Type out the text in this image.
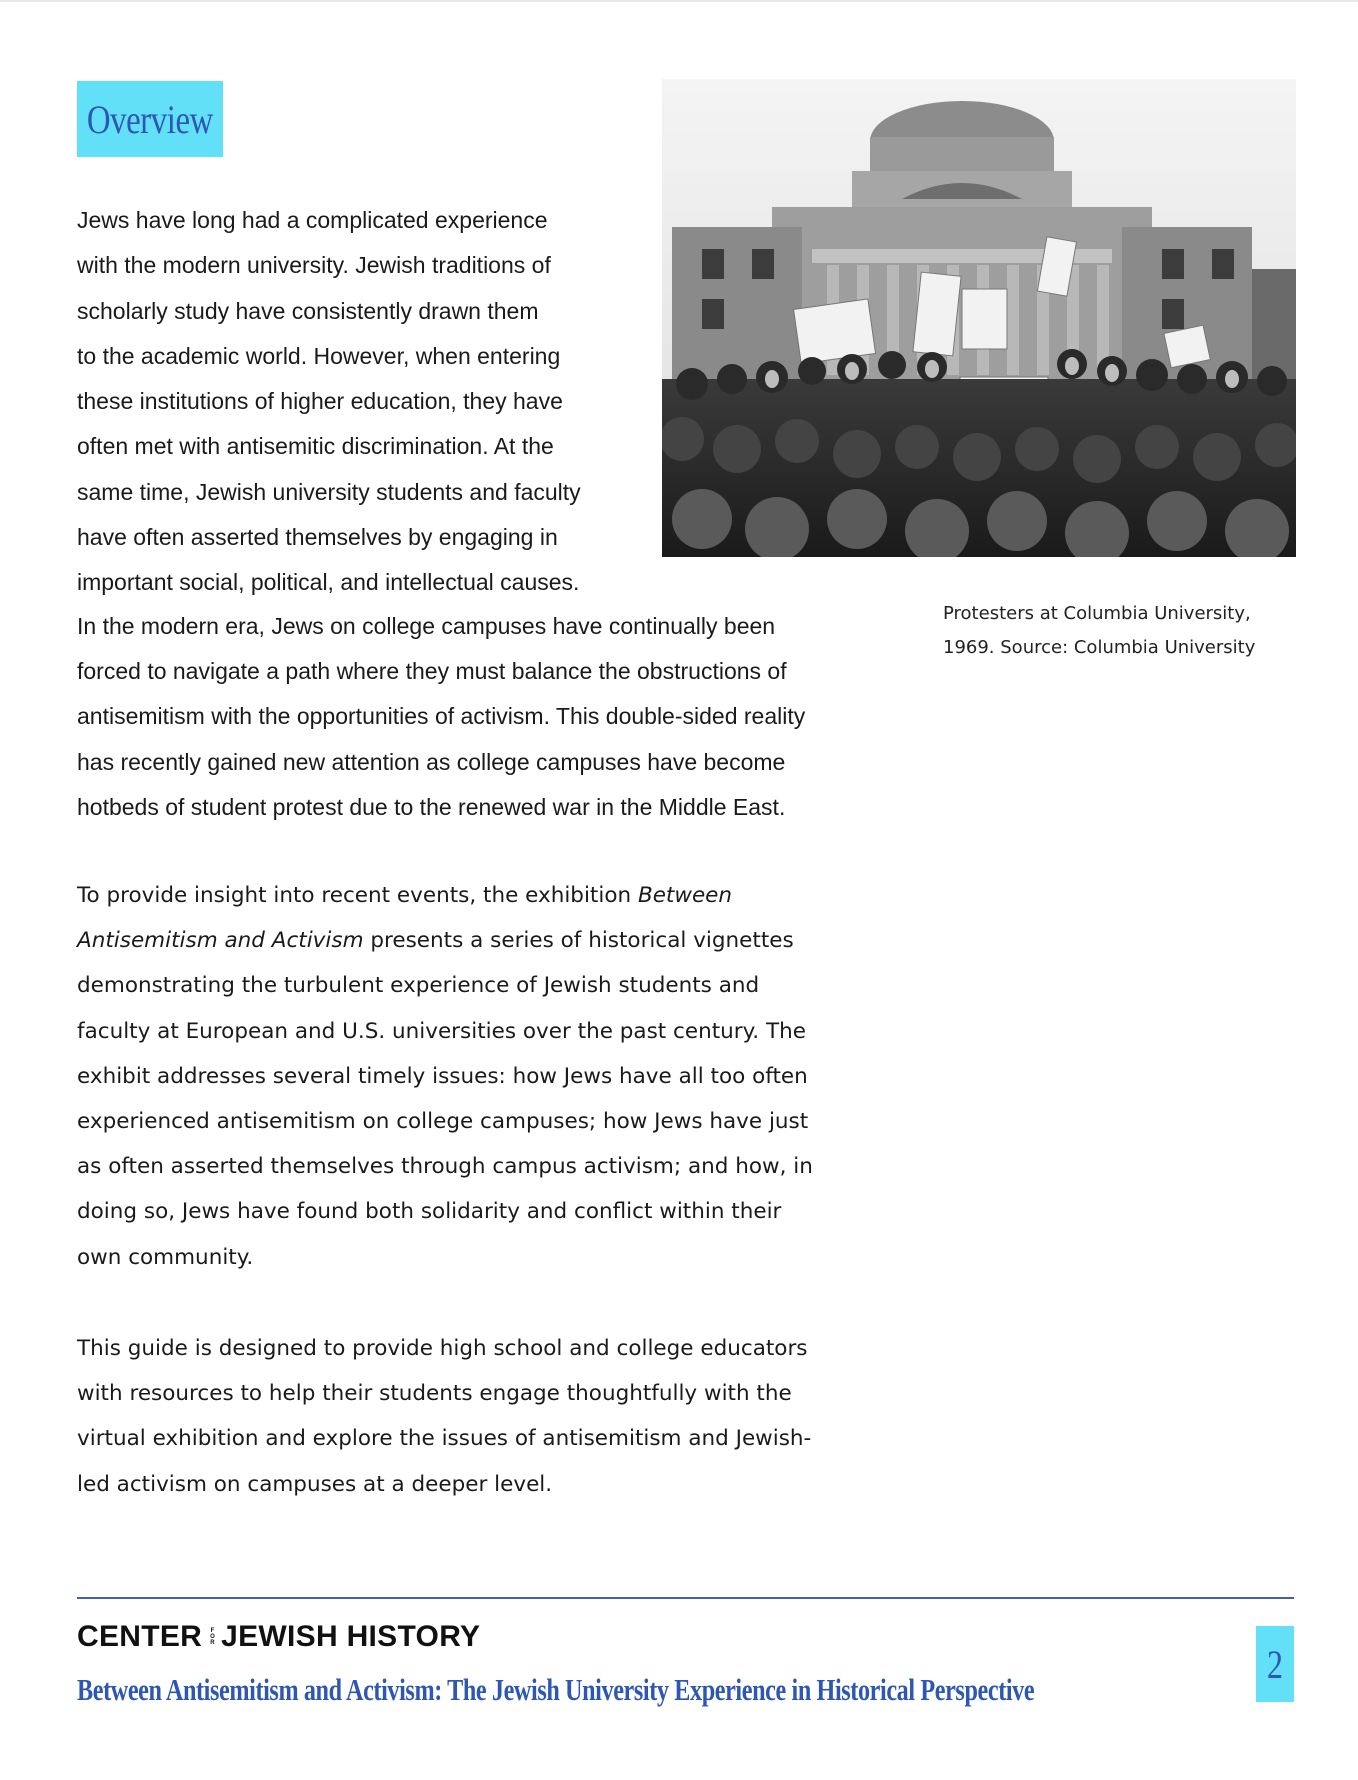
Overview
Jews have long had a complicated experience
with the modern university. Jewish traditions of
scholarly study have consistently drawn them
to the academic world. However, when entering
these institutions of higher education, they have
often met with antisemitic discrimination. At the
same time, Jewish university students and faculty
have often asserted themselves by engaging in
important social, political, and intellectual causes.
In the modern era, Jews on college campuses have continually been
forced to navigate a path where they must balance the obstructions of
antisemitism with the opportunities of activism. This double-sided reality
has recently gained new attention as college campuses have become
hotbeds of student protest due to the renewed war in the Middle East.
To provide insight into recent events, the exhibition Between
Antisemitism and Activism presents a series of historical vignettes
demonstrating the turbulent experience of Jewish students and
faculty at European and U.S. universities over the past century. The
exhibit addresses several timely issues: how Jews have all too often
experienced antisemitism on college campuses; how Jews have just
as often asserted themselves through campus activism; and how, in
doing so, Jews have found both solidarity and conflict within their
own community.
This guide is designed to provide high school and college educators
with resources to help their students engage thoughtfully with the
virtual exhibition and explore the issues of antisemitism and Jewish-
led activism on campuses at a deeper level.
Protesters at Columbia University,
1969. Source: Columbia University
CENTER F
O
R JEWISH HISTORY
Between Antisemitism and Activism: The Jewish University Experience in Historical Perspective
2
